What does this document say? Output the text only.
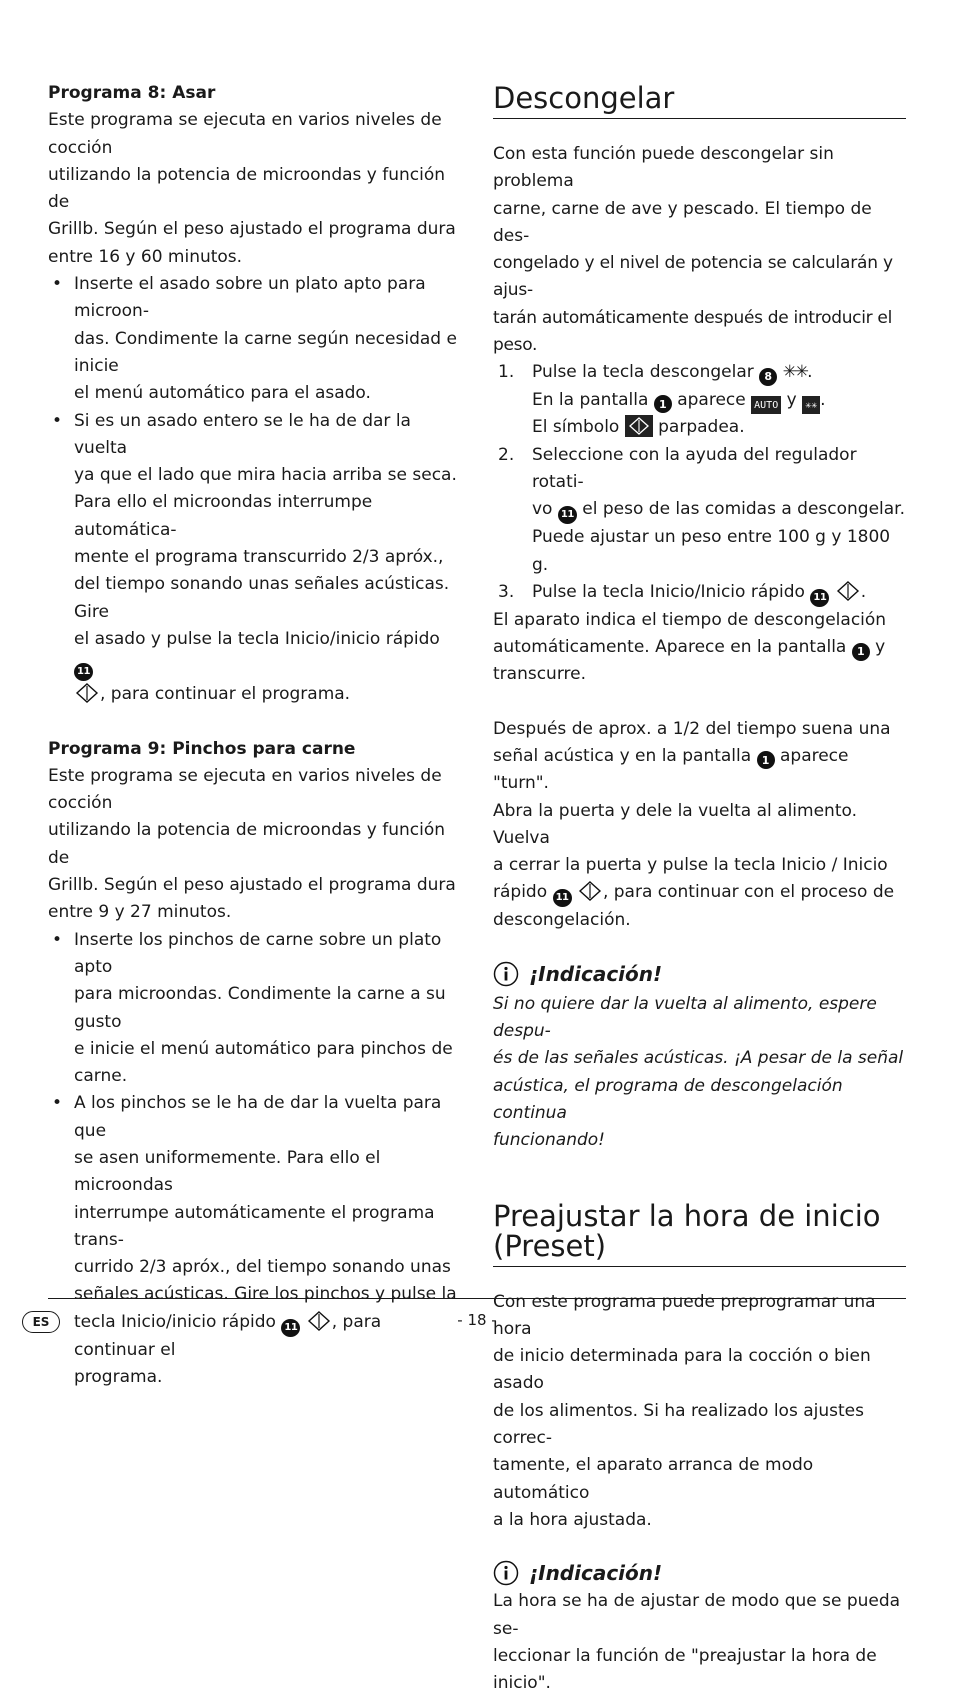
Programa 8: Asar

Este programa se ejecuta en varios niveles de cocción

utilizando la potencia de microondas y función de

Grillb. Según el peso ajustado el programa dura

entre 16 y 60 minutos.

• Inserte el asado sobre un plato apto para microon-
das. Condimente la carne según necesidad e inicie
el menú automático para el asado.
• Si es un asado entero se le ha de dar la vuelta
ya que el lado que mira hacia arriba se seca.
Para ello el microondas interrumpe automática-
mente el programa transcurrido 2/3 apróx.,
del tiempo sonando unas señales acústicas. Gire
el asado y pulse la tecla Inicio/inicio rápido 11
, para continuar el programa.

Programa 9: Pinchos para carne

Este programa se ejecuta en varios niveles de cocción

utilizando la potencia de microondas y función de

Grillb. Según el peso ajustado el programa dura

entre 9 y 27 minutos.

• Inserte los pinchos de carne sobre un plato apto
para microondas. Condimente la carne a su gusto
e inicie el menú automático para pinchos de carne.
• A los pinchos se le ha de dar la vuelta para que
se asen uniformemente. Para ello el microondas
interrumpe automáticamente el programa trans-
currido 2/3 apróx., del tiempo sonando unas
señales acústicas. Gire los pinchos y pulse la
tecla Inicio/inicio rápido 11 , para continuar el
programa.
Descongelar

Con esta función puede descongelar sin problema

carne, carne de ave y pescado. El tiempo de des-

congelado y el nivel de potencia se calcularán y ajus-

tarán automáticamente después de introducir el peso.

1. Pulse la tecla descongelar 8 ✳✳.
En la pantalla 1 aparece AUTO y ✳✳ .
El símbolo parpadea.
2. Seleccione con la ayuda del regulador rotati-
vo 11 el peso de las comidas a descongelar.
Puede ajustar un peso entre 100 g y 1800 g.
3. Pulse la tecla Inicio/Inicio rápido 11 .

El aparato indica el tiempo de descongelación

automáticamente. Aparece en la pantalla 1 y

transcurre.

Después de aprox. a 1/2 del tiempo suena una

señal acústica y en la pantalla 1 aparece "turn".

Abra la puerta y dele la vuelta al alimento. Vuelva

a cerrar la puerta y pulse la tecla Inicio / Inicio

rápido 11 , para continuar con el proceso de

descongelación.

¡Indicación!

Si no quiere dar la vuelta al alimento, espere despu-

és de las señales acústicas. ¡A pesar de la señal

acústica, el programa de descongelación continua

funcionando!

Preajustar la hora de inicio
(Preset)

Con este programa puede preprogramar una hora

de inicio determinada para la cocción o bien asado

de los alimentos. Si ha realizado los ajustes correc-

tamente, el aparato arranca de modo automático

a la hora ajustada.

¡Indicación!

La hora se ha de ajustar de modo que se pueda se-

leccionar la función de "preajustar la hora de inicio".

ES	- 18 -
